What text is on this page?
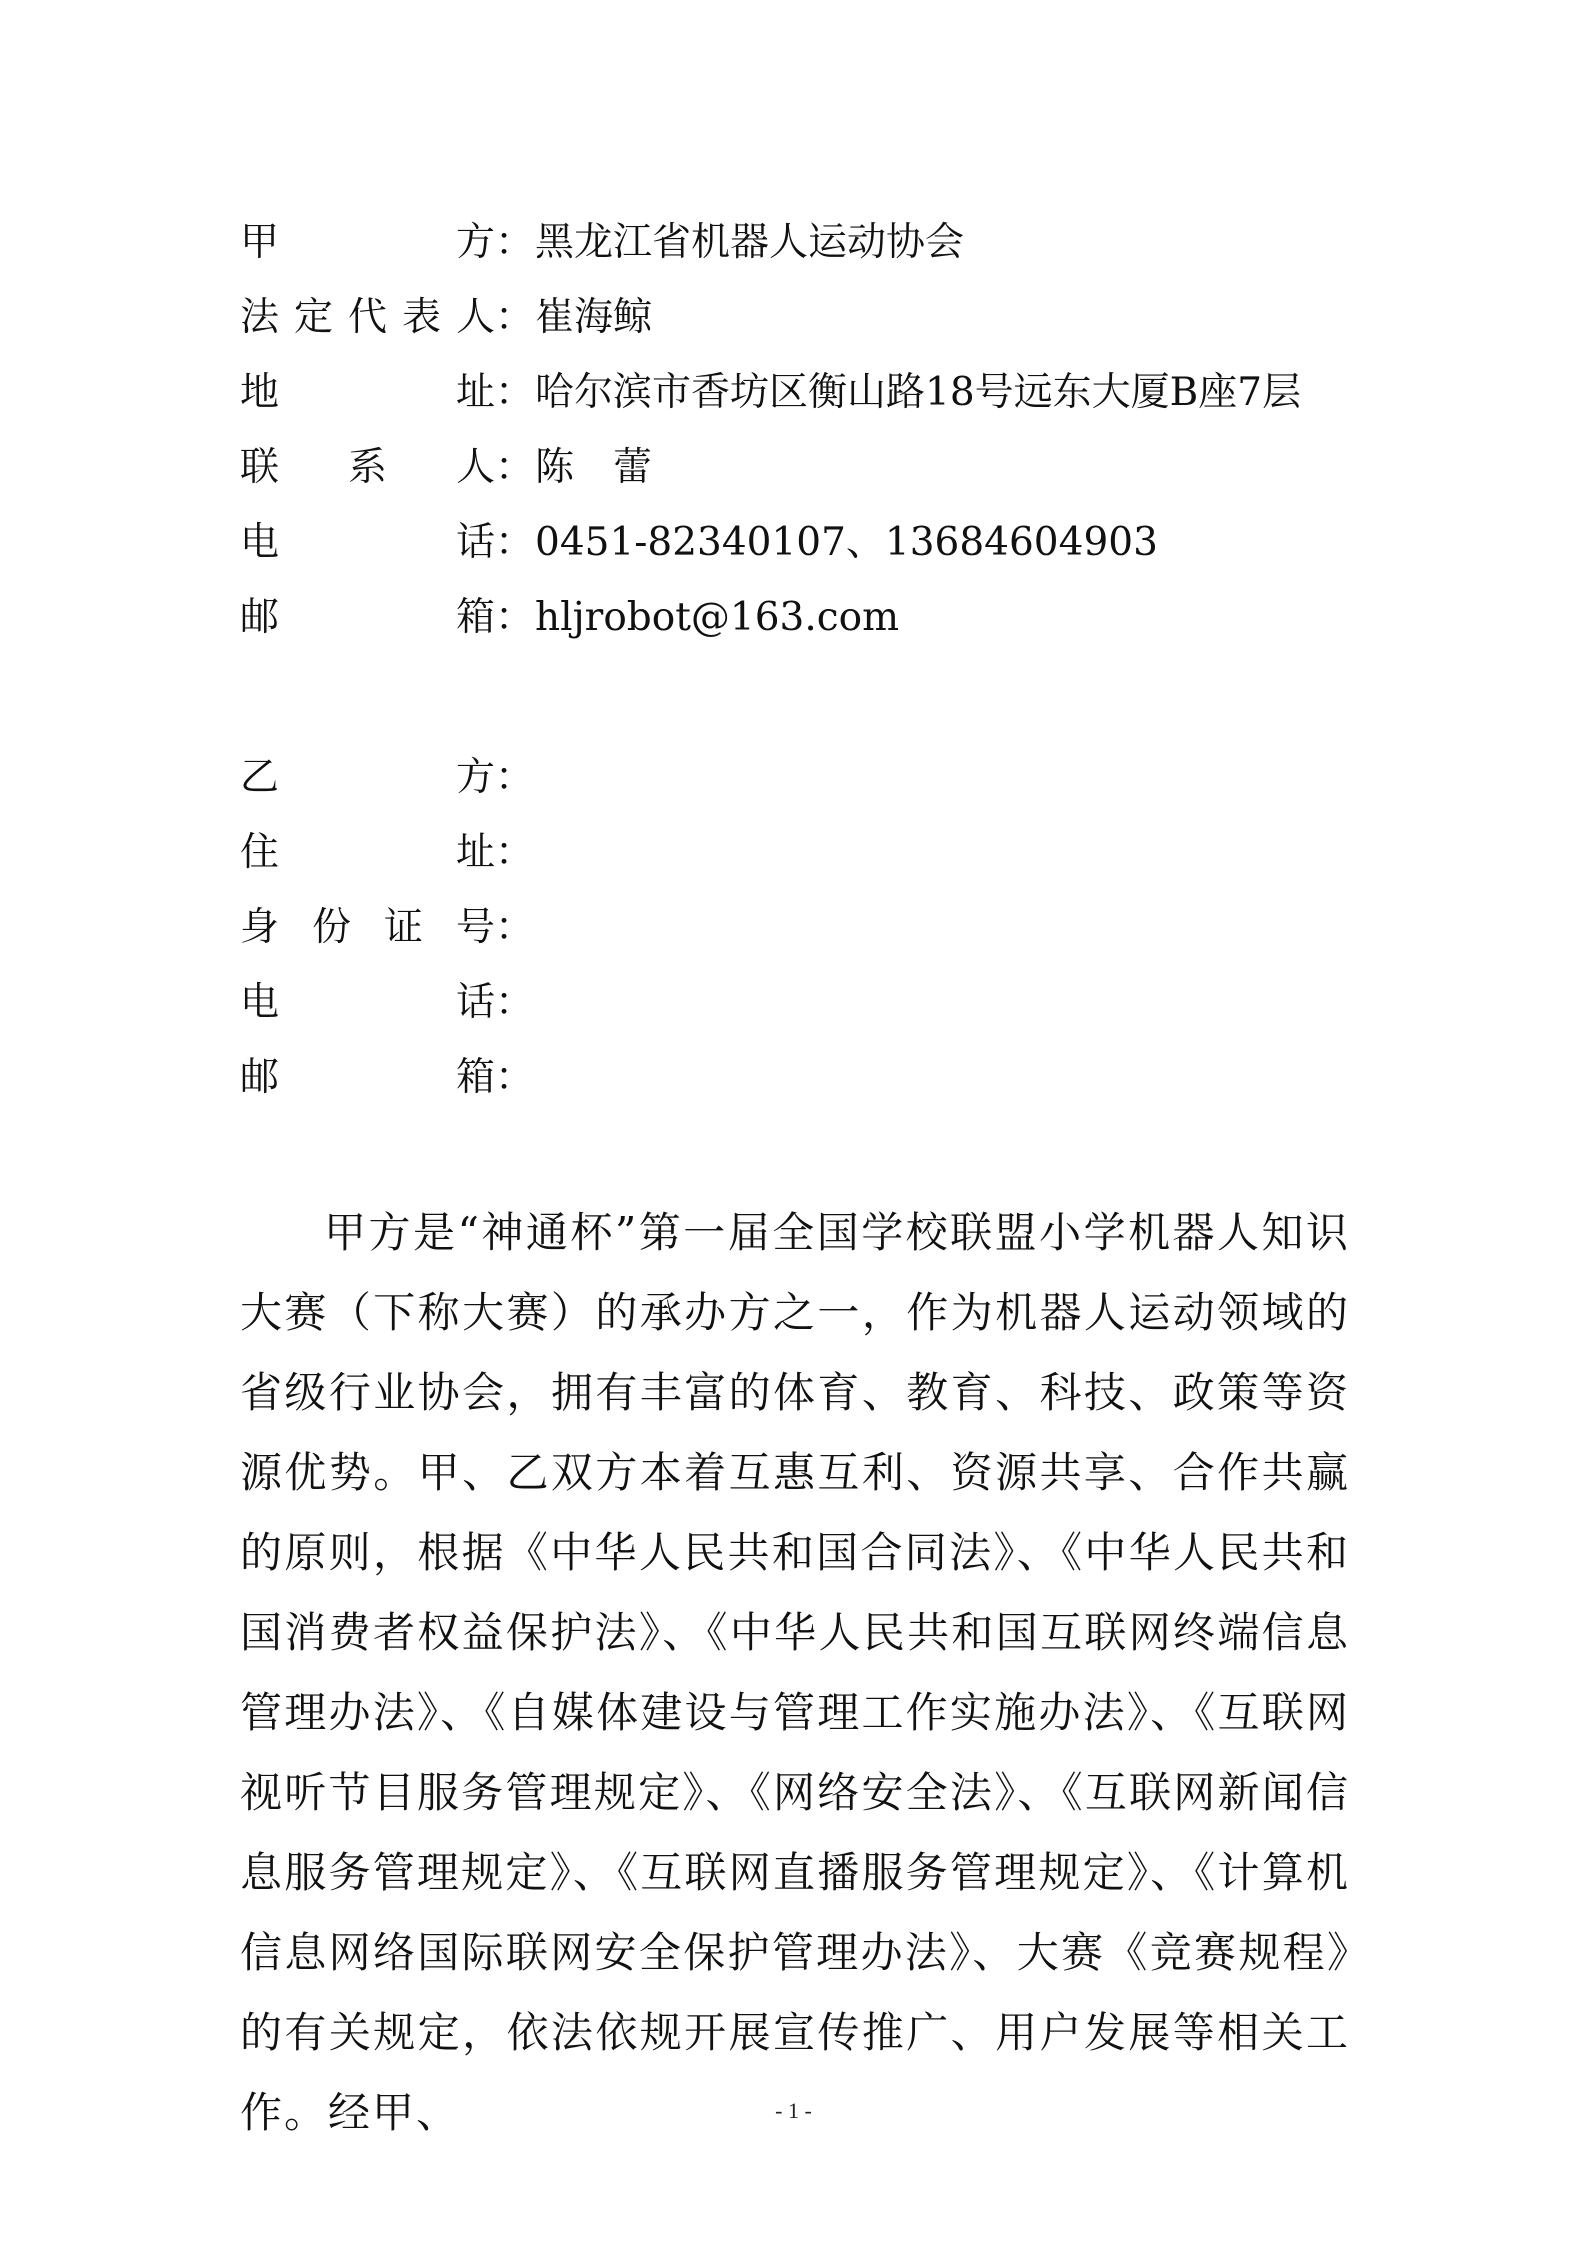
甲	方 ： 黑龙江省机器人运动协会
法 定 代 表 人 ： 崔海鲸
地	址 ： 哈尔滨市香坊区衡山路18号远东大厦B座7层
联 系 人 ： 陈　蕾
电	话 ： 0451-82340107、13684604903
邮	箱 ： hljrobot@163.com
乙	方 ：
住	址 ：
身 份 证 号 ：
电	话 ：
邮	箱 ：
甲方是“神通杯”第一届全国学校联盟小学机器人知识大赛（下称大赛）的承办方之一，作为机器人运动领域的省级行业协会，拥有丰富的体育、教育、科技、政策等资源优势。甲、乙双方本着互惠互利、资源共享、合作共赢的原则，根据《中华人民共和国合同法》、《中华人民共和国消费者权益保护法》、《中华人民共和国互联网终端信息管理办法》、《自媒体建设与管理工作实施办法》、《互联网视听节目服务管理规定》、《网络安全法》、《互联网新闻信息服务管理规定》、《互联网直播服务管理规定》、《计算机信息网络国际联网安全保护管理办法》、大赛《竞赛规程》的有关规定，依法依规开展宣传推广、用户发展等相关工作。经甲、	- 1 -
